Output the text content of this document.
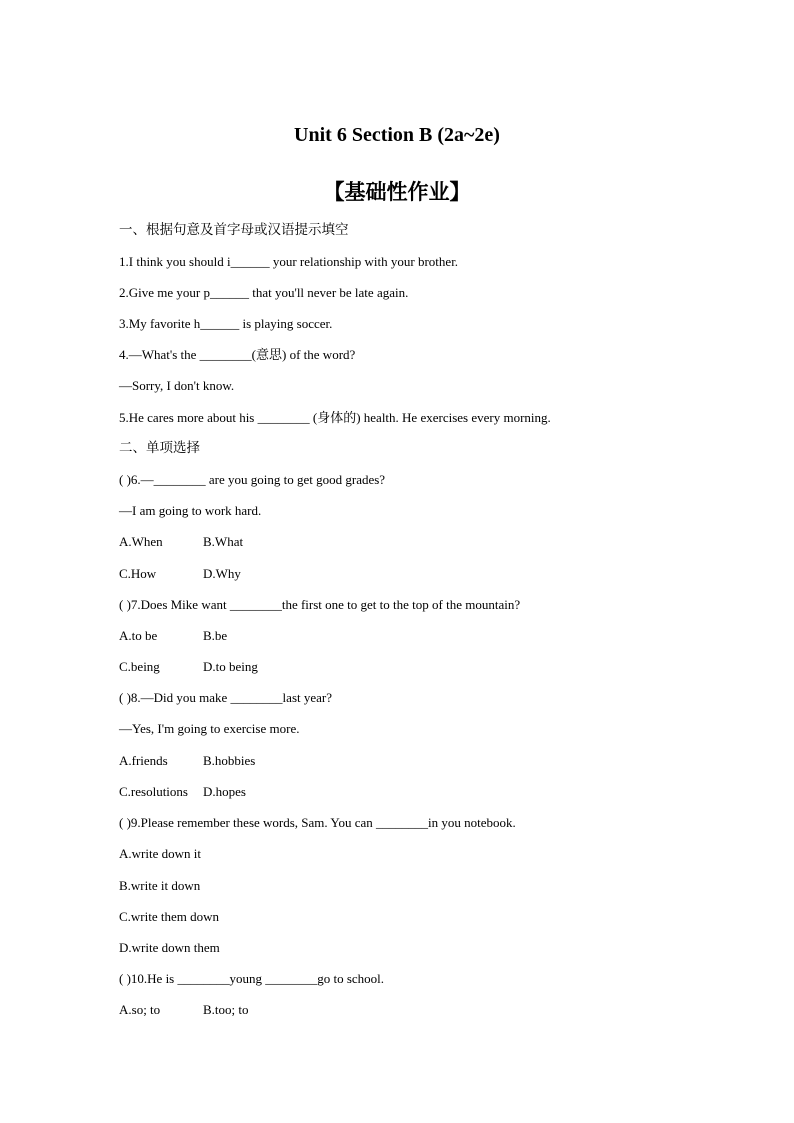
Unit 6 Section B (2a~2e)
【基础性作业】
一、根据句意及首字母或汉语提示填空
1.I think you should i______ your relationship with your brother.
2.Give me your p______ that you'll never be late again.
3.My favorite h______ is playing soccer.
4.—What's the ________(意思) of the word?
—Sorry, I don't know.
5.He cares more about his ________ (身体的) health. He exercises every morning.
二、单项选择
( )6.—________ are you going to get good grades?
—I am going to work hard.
A.When	B.What
C.How	D.Why
( )7.Does Mike want ________the first one to get to the top of the mountain?
A.to be	B.be
C.being	D.to being
( )8.—Did you make ________last year?
—Yes, I'm going to exercise more.
A.friends	B.hobbies
C.resolutions D.hopes
( )9.Please remember these words, Sam. You can ________in you notebook.
A.write down it
B.write it down
C.write them down
D.write down them
( )10.He is ________young ________go to school.
A.so; to	B.too; to
